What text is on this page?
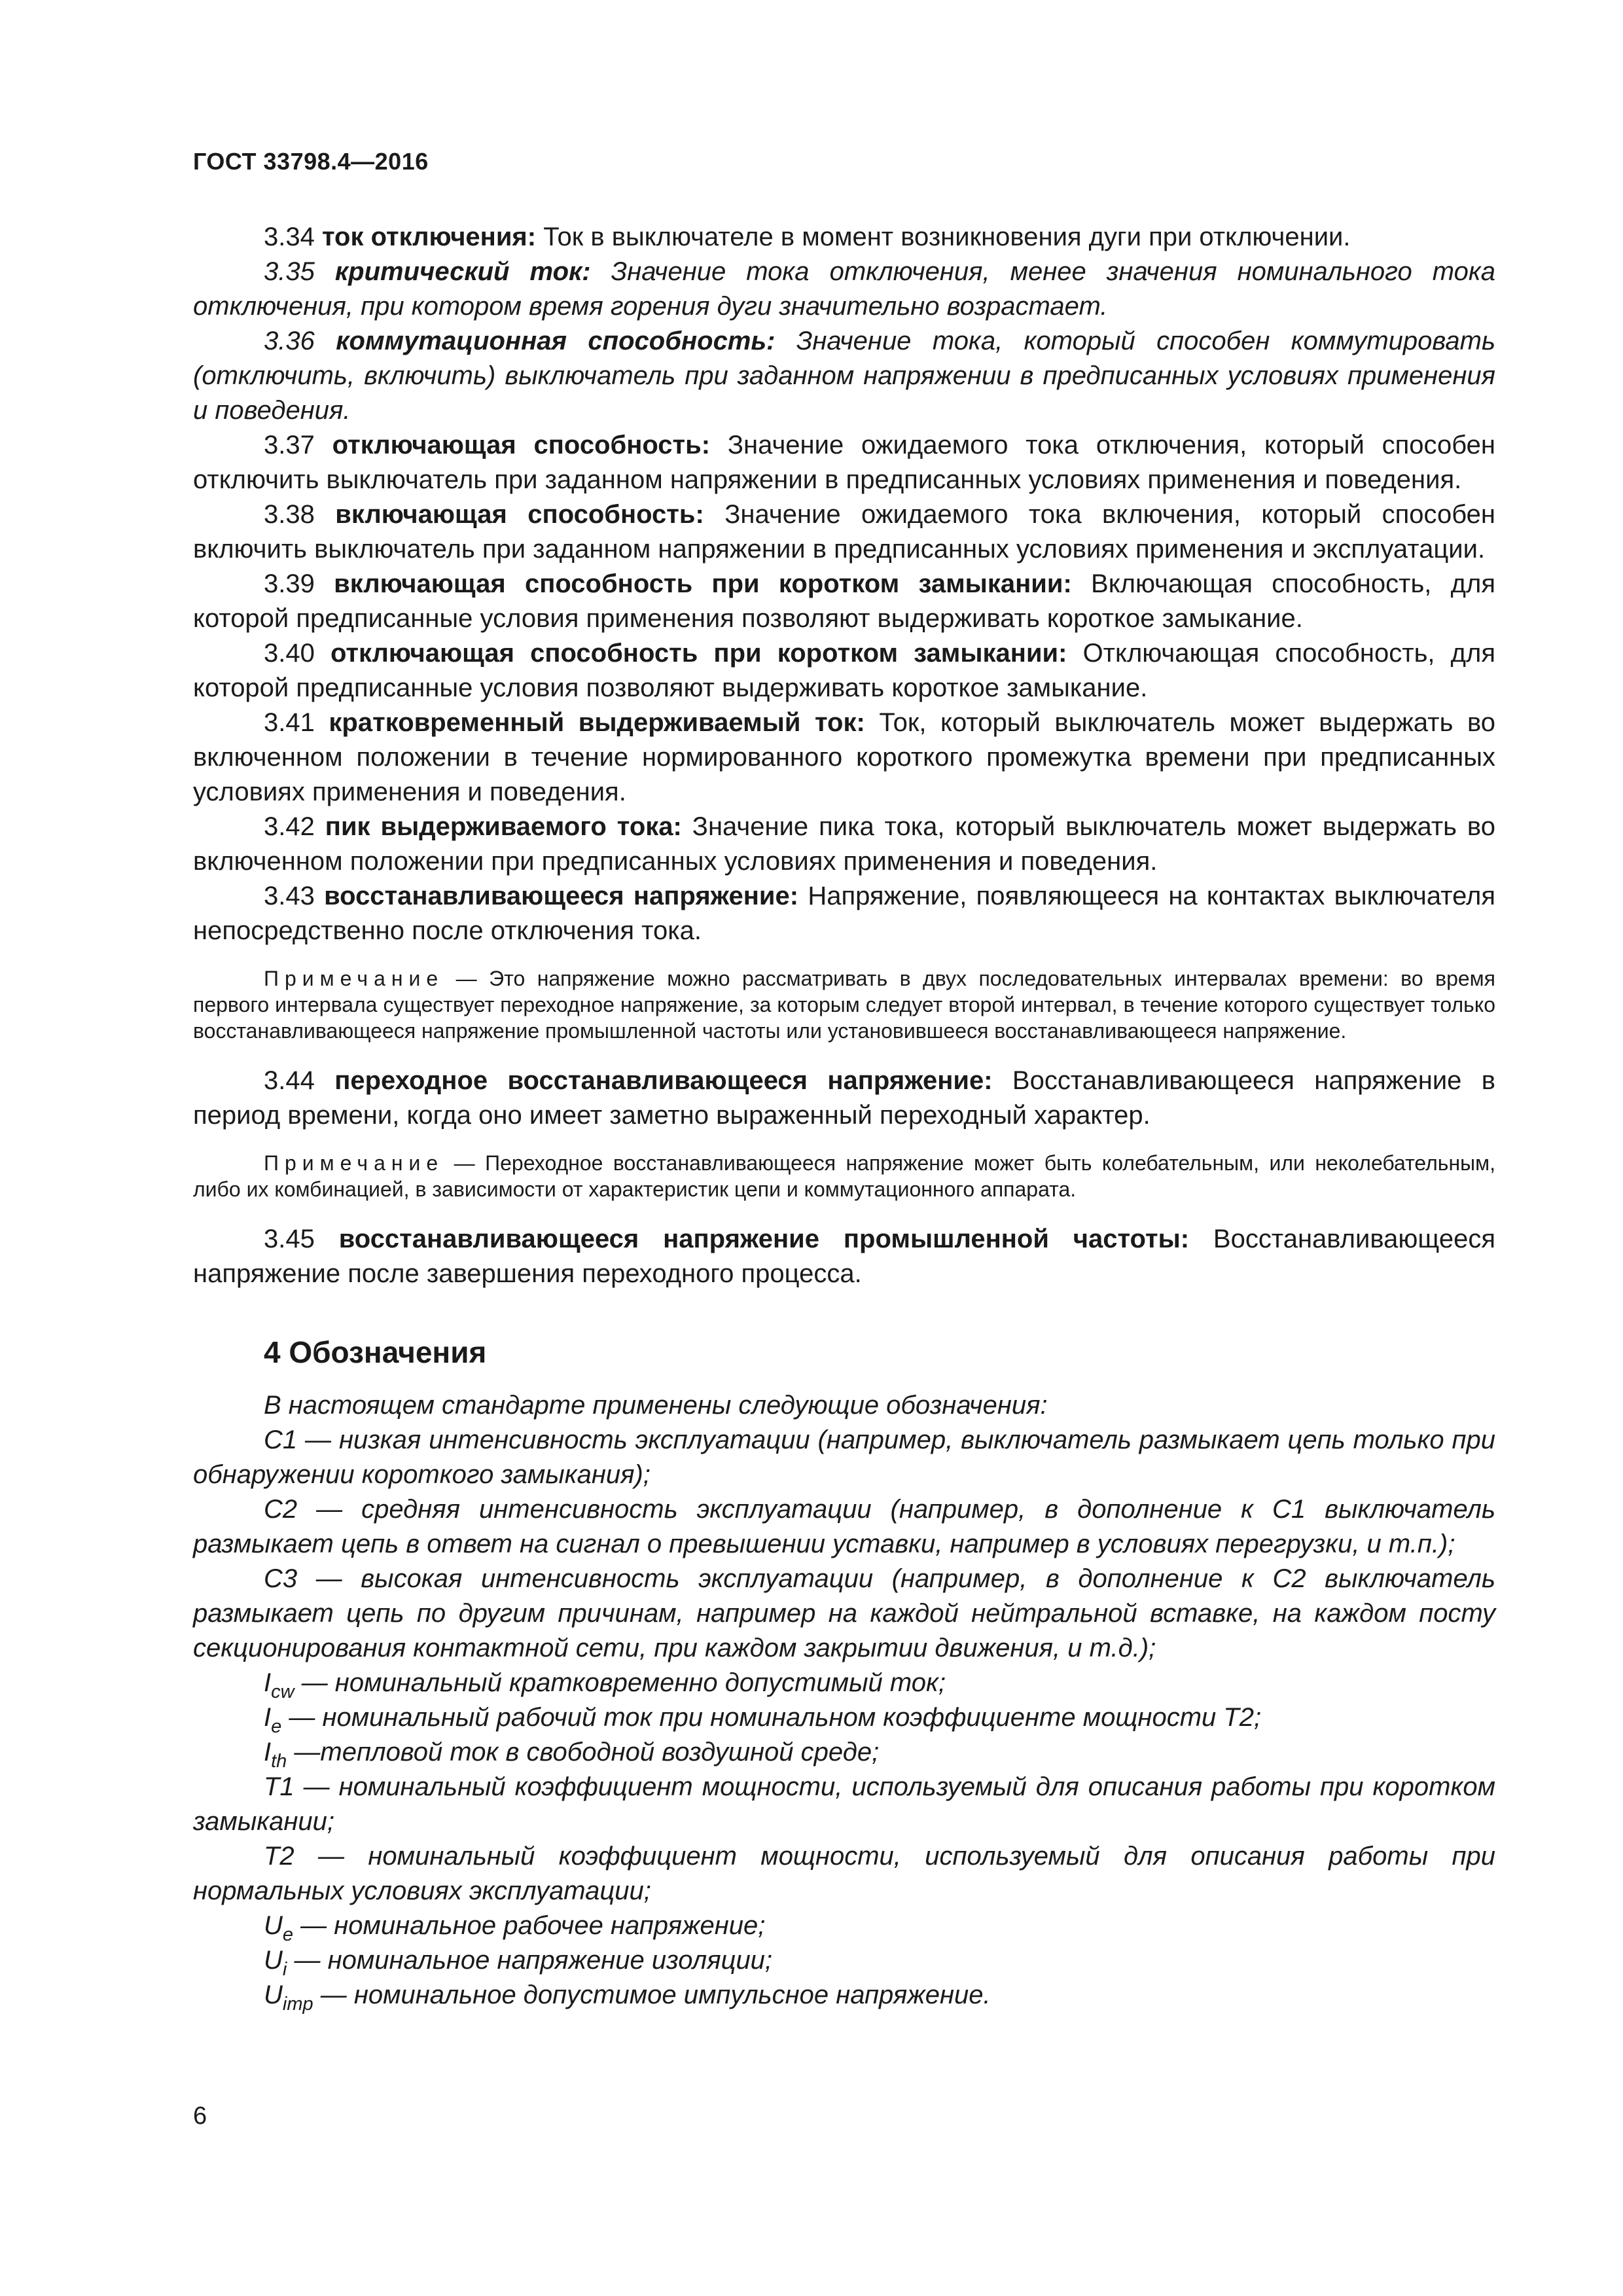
ГОСТ 33798.4—2016

3.34 ток отключения: Ток в выключателе в момент возникновения дуги при отключении.

3.35 критический ток: Значение тока отключения, менее значения номинального тока отключения, при котором время горения дуги значительно возрастает.

3.36 коммутационная способность: Значение тока, который способен коммутировать (отключить, включить) выключатель при заданном напряжении в предписанных условиях применения и поведения.

3.37 отключающая способность: Значение ожидаемого тока отключения, который способен отключить выключатель при заданном напряжении в предписанных условиях применения и поведения.

3.38 включающая способность: Значение ожидаемого тока включения, который способен включить выключатель при заданном напряжении в предписанных условиях применения и эксплуатации.

3.39 включающая способность при коротком замыкании: Включающая способность, для которой предписанные условия применения позволяют выдерживать короткое замыкание.

3.40 отключающая способность при коротком замыкании: Отключающая способность, для которой предписанные условия позволяют выдерживать короткое замыкание.

3.41 кратковременный выдерживаемый ток: Ток, который выключатель может выдержать во включенном положении в течение нормированного короткого промежутка времени при предписанных условиях применения и поведения.

3.42 пик выдерживаемого тока: Значение пика тока, который выключатель может выдержать во включенном положении при предписанных условиях применения и поведения.

3.43 восстанавливающееся напряжение: Напряжение, появляющееся на контактах выключателя непосредственно после отключения тока.

Примечание — Это напряжение можно рассматривать в двух последовательных интервалах времени: во время первого интервала существует переходное напряжение, за которым следует второй интервал, в течение которого существует только восстанавливающееся напряжение промышленной частоты или установившееся восстанавливающееся напряжение.

3.44 переходное восстанавливающееся напряжение: Восстанавливающееся напряжение в период времени, когда оно имеет заметно выраженный переходный характер.

Примечание — Переходное восстанавливающееся напряжение может быть колебательным, или неколебательным, либо их комбинацией, в зависимости от характеристик цепи и коммутационного аппарата.

3.45 восстанавливающееся напряжение промышленной частоты: Восстанавливающееся напряжение после завершения переходного процесса.

4 Обозначения

В настоящем стандарте применены следующие обозначения:

C1 — низкая интенсивность эксплуатации (например, выключатель размыкает цепь только при обнаружении короткого замыкания);

C2 — средняя интенсивность эксплуатации (например, в дополнение к С1 выключатель размыкает цепь в ответ на сигнал о превышении уставки, например в условиях перегрузки, и т.п.);

C3 — высокая интенсивность эксплуатации (например, в дополнение к С2 выключатель размыкает цепь по другим причинам, например на каждой нейтральной вставке, на каждом посту секционирования контактной сети, при каждом закрытии движения, и т.д.);

$I_{cw}$ — номинальный кратковременно допустимый ток;

$I_e$ — номинальный рабочий ток при номинальном коэффициенте мощности T2;

$I_{th}$ —тепловой ток в свободной воздушной среде;

T1 — номинальный коэффициент мощности, используемый для описания работы при коротком замыкании;

T2 — номинальный коэффициент мощности, используемый для описания работы при нормальных условиях эксплуатации;

$U_e$ — номинальное рабочее напряжение;

$U_i$ — номинальное напряжение изоляции;

$U_{imp}$ — номинальное допустимое импульсное напряжение.

6
